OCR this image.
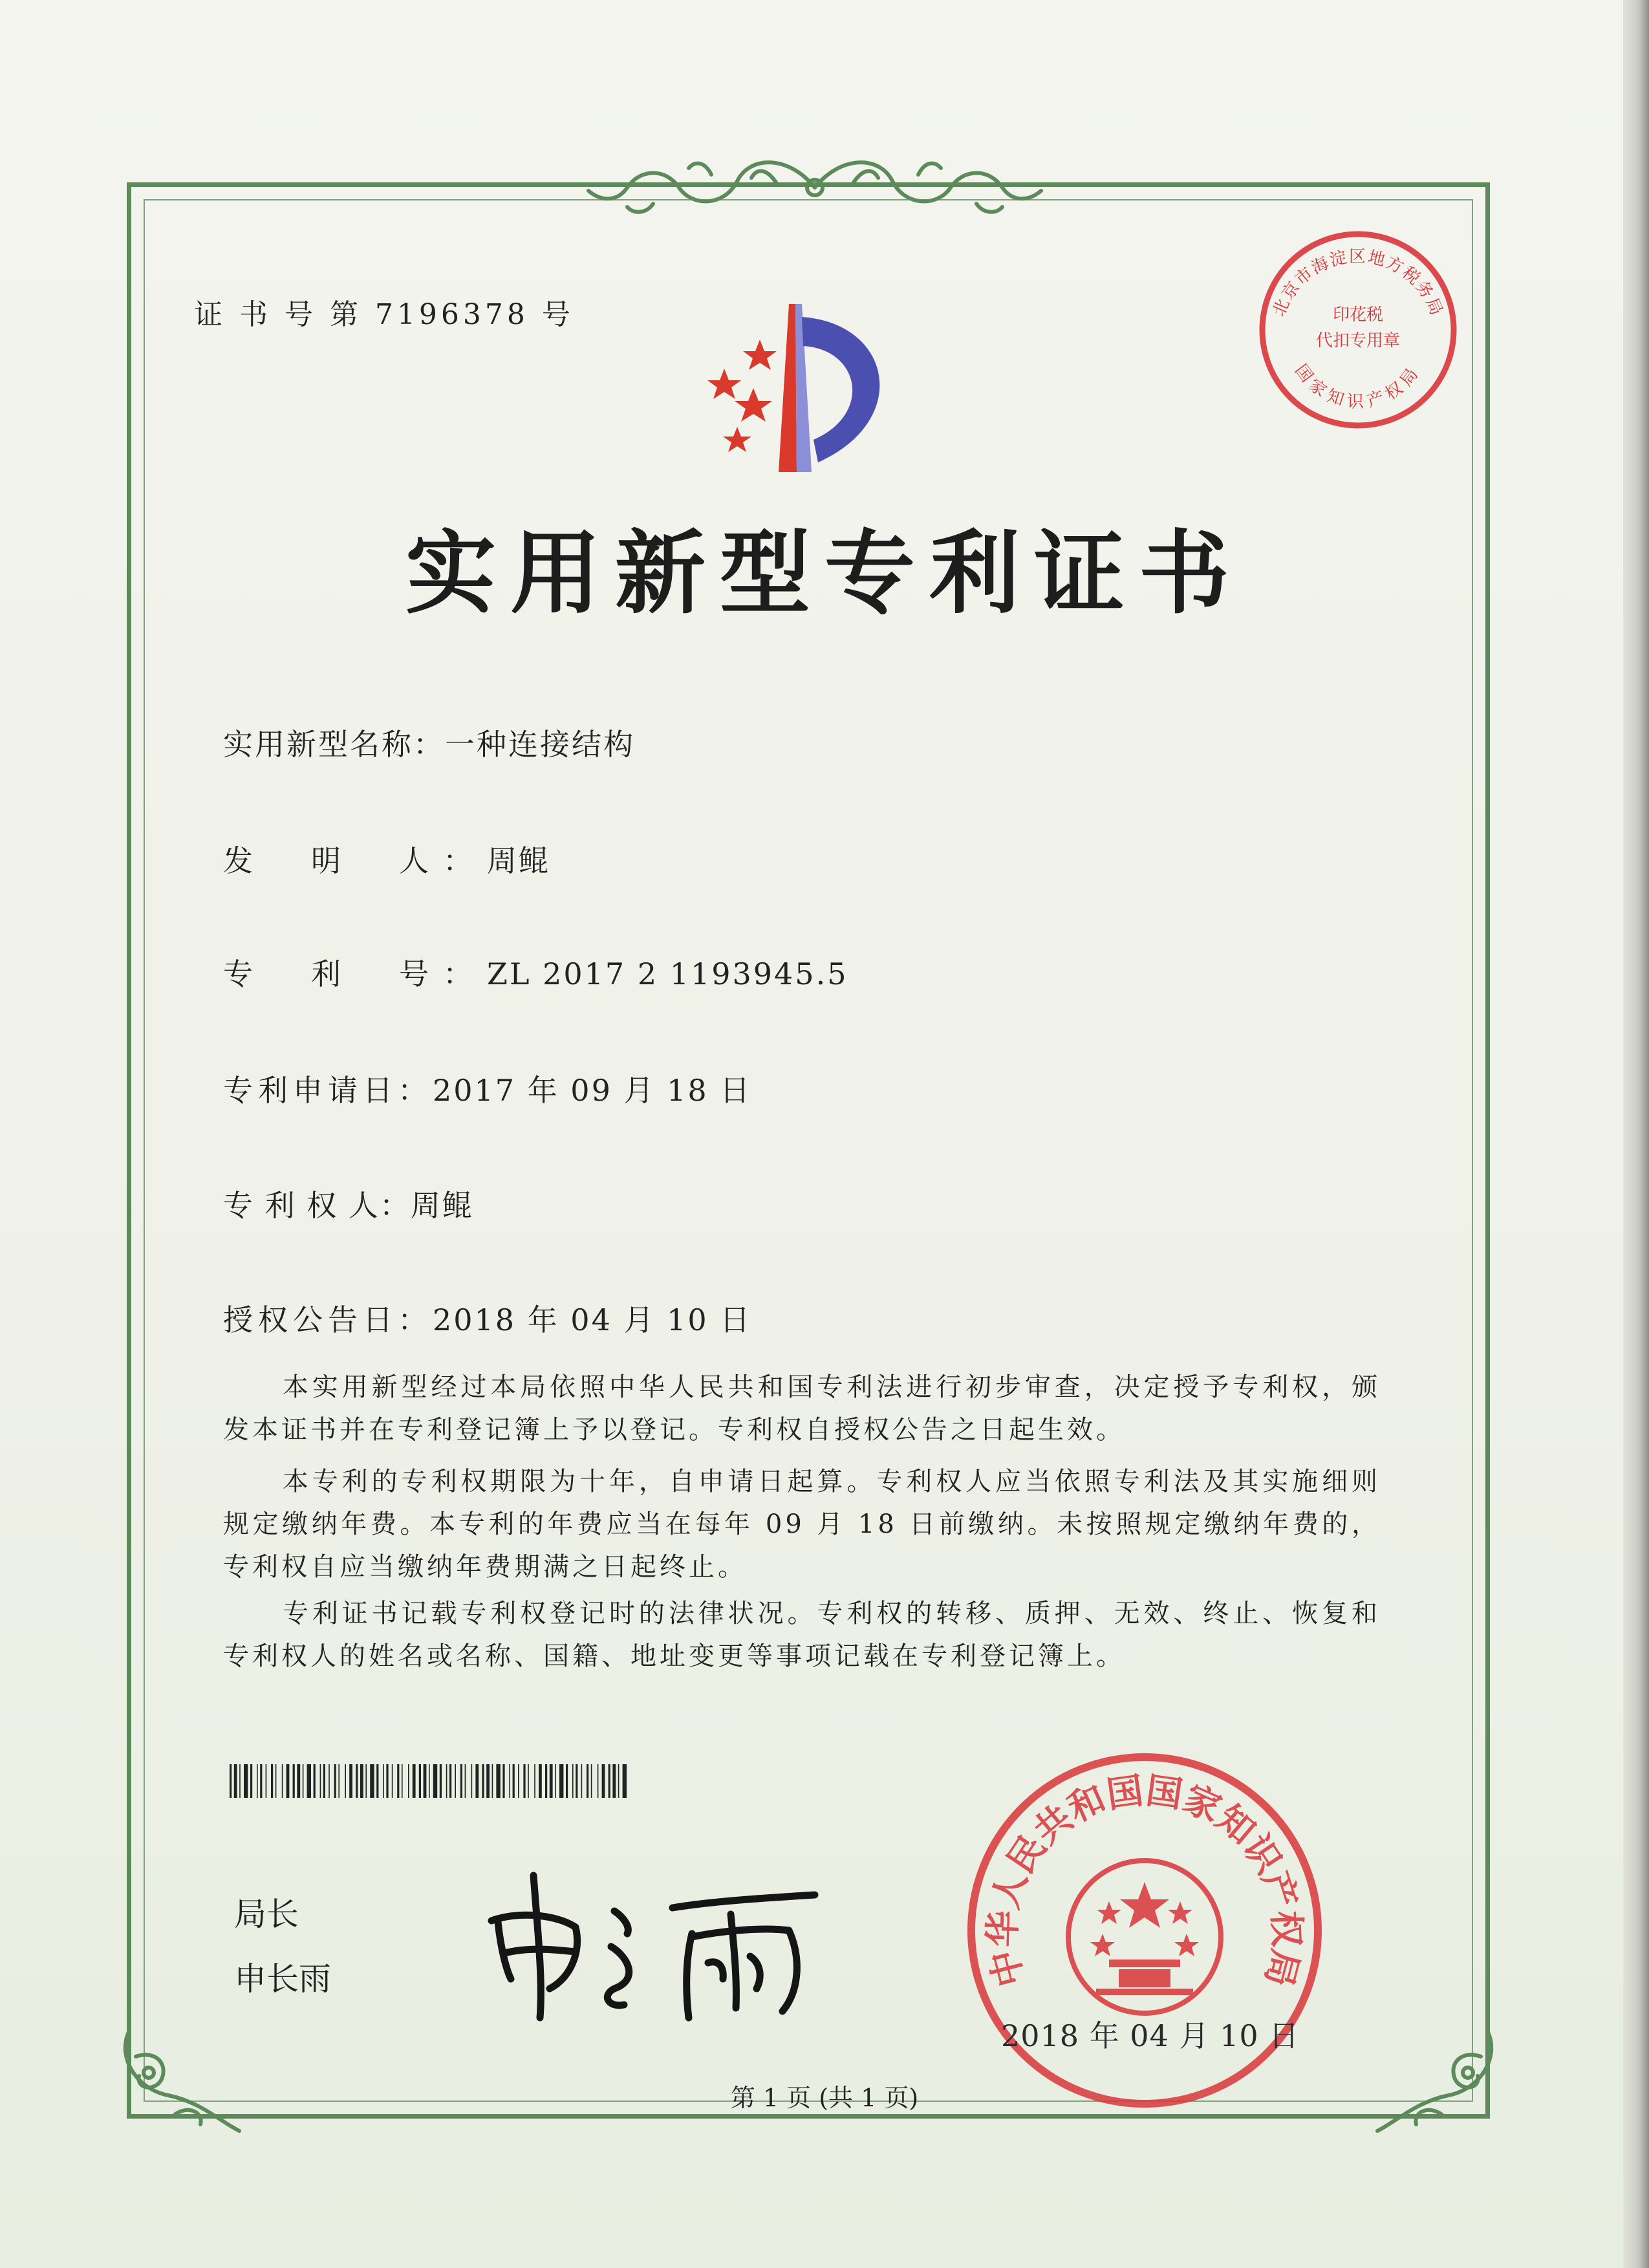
证 书 号 第 7196378 号
实用新型专利证书
实用新型名称：一种连接结构
发　明　人：周鲲
专　利　号：ZL 2017 2 1193945.5
专利申请日：2017 年 09 月 18 日
专 利 权 人：周鲲
授权公告日：2018 年 04 月 10 日
　　本实用新型经过本局依照中华人民共和国专利法进行初步审查，决定授予专利权，颁发本证书并在专利登记簿上予以登记。专利权自授权公告之日起生效。
　　本专利的专利权期限为十年，自申请日起算。专利权人应当依照专利法及其实施细则规定缴纳年费。本专利的年费应当在每年 09 月 18 日前缴纳。未按照规定缴纳年费的，专利权自应当缴纳年费期满之日起终止。
　　专利证书记载专利权登记时的法律状况。专利权的转移、质押、无效、终止、恢复和专利权人的姓名或名称、国籍、地址变更等事项记载在专利登记簿上。
局长
申长雨
北京市海淀区地方税务局
国家知识产权局
印花税
代扣专用章
中华人民共和国国家知识产权局
2018 年 04 月 10 日
第 1 页 (共 1 页)
